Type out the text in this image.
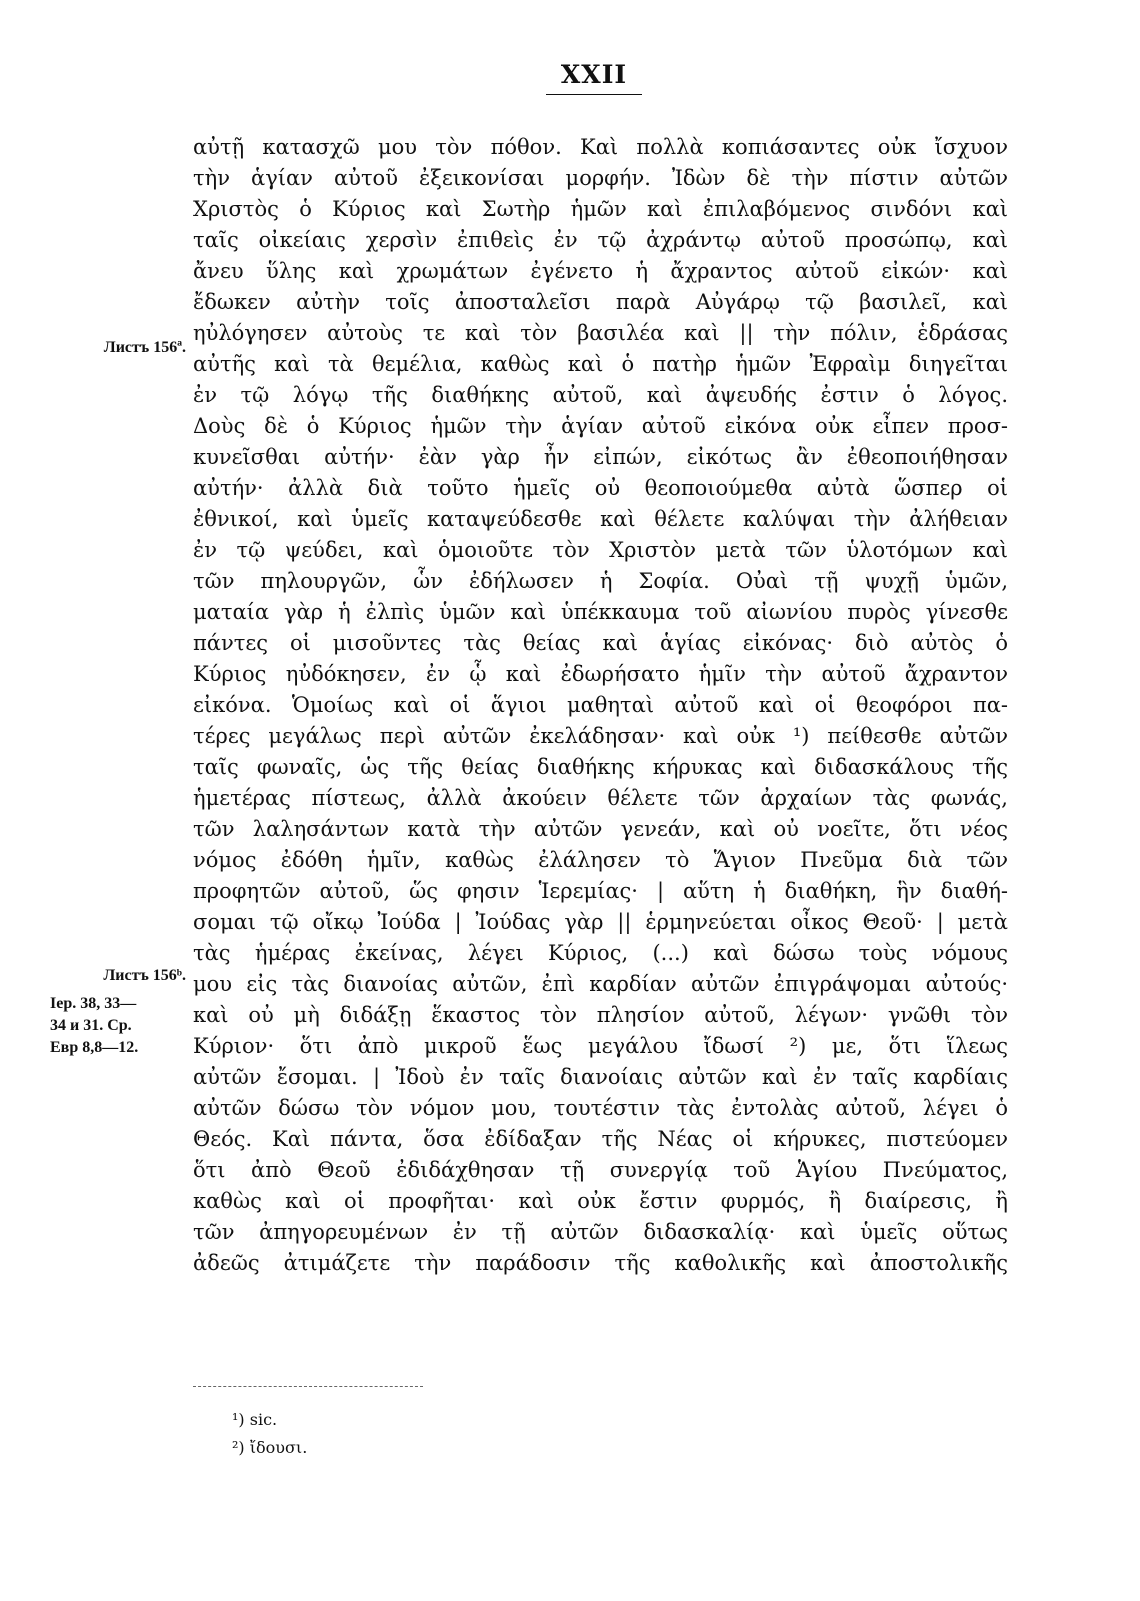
XXII
Листъ 156ª.
Листъ 156ᵇ.
Іер. 38, 33—
34 и 31. Ср.
Евр 8,8—12.
αὐτῇ κατασχῶ μου τὸν πόθον. Καὶ πολλὰ κοπιάσαντες οὐκ ἴσχυον
τὴν ἁγίαν αὐτοῦ ἐξεικονίσαι μορφήν. Ἰδὼν δὲ τὴν πίστιν αὐτῶν
Χριστὸς ὁ Κύριος καὶ Σωτὴρ ἡμῶν καὶ ἐπιλαβόμενος σινδόνι καὶ
ταῖς οἰκείαις χερσὶν ἐπιθεὶς ἐν τῷ ἀχράντῳ αὐτοῦ προσώπῳ, καὶ
ἄνευ ὕλης καὶ χρωμάτων ἐγένετο ἡ ἄχραντος αὐτοῦ εἰκών· καὶ
ἔδωκεν αὐτὴν τοῖς ἀποσταλεῖσι παρὰ Αὐγάρῳ τῷ βασιλεῖ, καὶ
ηὐλόγησεν αὐτοὺς τε καὶ τὸν βασιλέα καὶ || τὴν πόλιν, ἑδράσας
αὐτῆς καὶ τὰ θεμέλια, καθὼς καὶ ὁ πατὴρ ἡμῶν Ἐφραὶμ διηγεῖται
ἐν τῷ λόγῳ τῆς διαθήκης αὐτοῦ, καὶ ἀψευδής ἐστιν ὁ λόγος.
Δοὺς δὲ ὁ Κύριος ἡμῶν τὴν ἁγίαν αὐτοῦ εἰκόνα οὐκ εἶπεν προσ-
κυνεῖσθαι αὐτήν· ἐὰν γὰρ ἦν εἰπών, εἰκότως ἂν ἐθεοποιήθησαν
αὐτήν· ἀλλὰ διὰ τοῦτο ἡμεῖς οὐ θεοποιούμεθα αὐτὰ ὥσπερ οἱ
ἐθνικοί, καὶ ὑμεῖς καταψεύδεσθε καὶ θέλετε καλύψαι τὴν ἀλήθειαν
ἐν τῷ ψεύδει, καὶ ὁμοιοῦτε τὸν Χριστὸν μετὰ τῶν ὑλοτόμων καὶ
τῶν πηλουργῶν, ὧν ἐδήλωσεν ἡ Σοφία. Οὐαὶ τῇ ψυχῇ ὑμῶν,
ματαία γὰρ ἡ ἐλπὶς ὑμῶν καὶ ὑπέκκαυμα τοῦ αἰωνίου πυρὸς γίνεσθε
πάντες οἱ μισοῦντες τὰς θείας καὶ ἁγίας εἰκόνας· διὸ αὐτὸς ὁ
Κύριος ηὐδόκησεν, ἐν ᾧ καὶ ἐδωρήσατο ἡμῖν τὴν αὐτοῦ ἄχραντον
εἰκόνα. Ὁμοίως καὶ οἱ ἅγιοι μαθηταὶ αὐτοῦ καὶ οἱ θεοφόροι πα-
τέρες μεγάλως περὶ αὐτῶν ἐκελάδησαν· καὶ οὐκ ¹) πείθεσθε αὐτῶν
ταῖς φωναῖς, ὡς τῆς θείας διαθήκης κήρυκας καὶ διδασκάλους τῆς
ἡμετέρας πίστεως, ἀλλὰ ἀκούειν θέλετε τῶν ἀρχαίων τὰς φωνάς,
τῶν λαλησάντων κατὰ τὴν αὐτῶν γενεάν, καὶ οὐ νοεῖτε, ὅτι νέος
νόμος ἐδόθη ἡμῖν, καθὼς ἐλάλησεν τὸ Ἅγιον Πνεῦμα διὰ τῶν
προφητῶν αὐτοῦ, ὥς φησιν Ἱερεμίας· | αὕτη ἡ διαθήκη, ἣν διαθή-
σομαι τῷ οἴκῳ Ἰούδα | Ἰούδας γὰρ || ἑρμηνεύεται οἶκος Θεοῦ· | μετὰ
τὰς ἡμέρας ἐκείνας, λέγει Κύριος, (...) καὶ δώσω τοὺς νόμους
μου εἰς τὰς διανοίας αὐτῶν, ἐπὶ καρδίαν αὐτῶν ἐπιγράψομαι αὐτούς·
καὶ οὐ μὴ διδάξῃ ἕκαστος τὸν πλησίον αὐτοῦ, λέγων· γνῶθι τὸν
Κύριον· ὅτι ἀπὸ μικροῦ ἕως μεγάλου ἴδωσί ²) με, ὅτι ἵλεως
αὐτῶν ἔσομαι. | Ἰδοὺ ἐν ταῖς διανοίαις αὐτῶν καὶ ἐν ταῖς καρδίαις
αὐτῶν δώσω τὸν νόμον μου, τουτέστιν τὰς ἐντολὰς αὐτοῦ, λέγει ὁ
Θεός. Καὶ πάντα, ὅσα ἐδίδαξαν τῆς Νέας οἱ κήρυκες, πιστεύομεν
ὅτι ἀπὸ Θεοῦ ἐδιδάχθησαν τῇ συνεργίᾳ τοῦ Ἁγίου Πνεύματος,
καθὼς καὶ οἱ προφῆται· καὶ οὐκ ἔστιν φυρμός, ἢ διαίρεσις, ἢ
τῶν ἀπηγορευμένων ἐν τῇ αὐτῶν διδασκαλίᾳ· καὶ ὑμεῖς οὕτως
ἀδεῶς ἀτιμάζετε τὴν παράδοσιν τῆς καθολικῆς καὶ ἀποστολικῆς
¹) sic.
²) ἴδουσι.
